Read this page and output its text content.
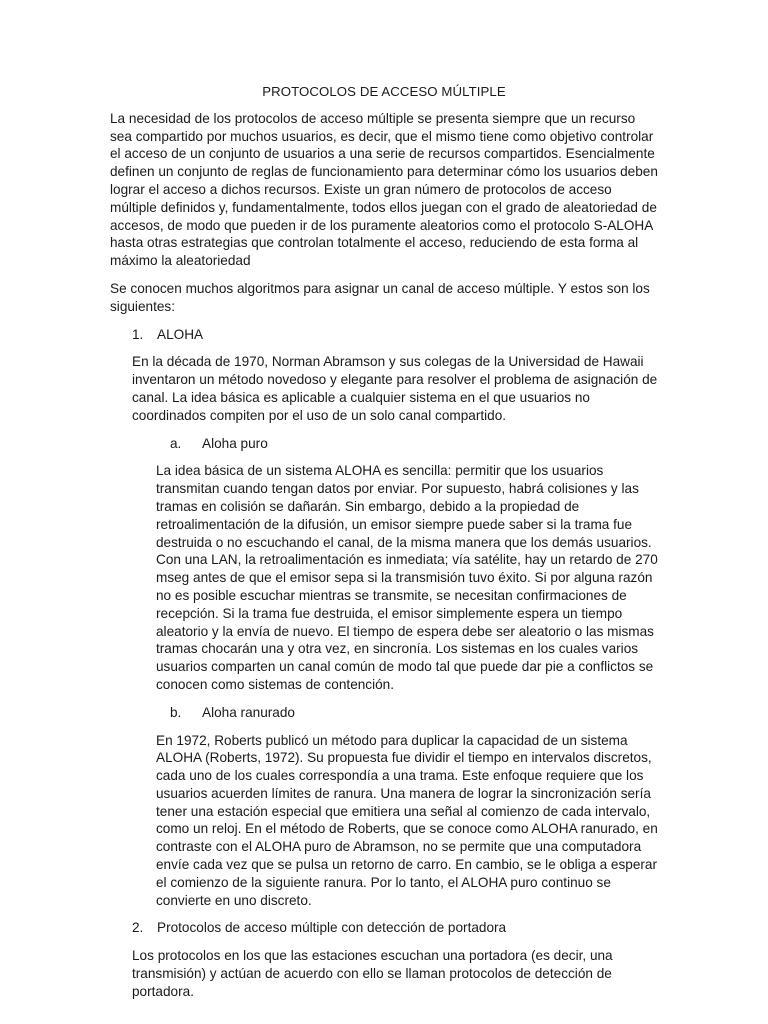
PROTOCOLOS DE ACCESO MÚLTIPLE

La necesidad de los protocolos de acceso múltiple se presenta siempre que un recurso sea compartido por muchos usuarios, es decir, que el mismo tiene como objetivo controlar el acceso de un conjunto de usuarios a una serie de recursos compartidos. Esencialmente definen un conjunto de reglas de funcionamiento para determinar cómo los usuarios deben lograr el acceso a dichos recursos. Existe un gran número de protocolos de acceso múltiple definidos y, fundamentalmente, todos ellos juegan con el grado de aleatoriedad de accesos, de modo que pueden ir de los puramente aleatorios como el protocolo S-ALOHA hasta otras estrategias que controlan totalmente el acceso, reduciendo de esta forma al máximo la aleatoriedad

Se conocen muchos algoritmos para asignar un canal de acceso múltiple. Y estos son los siguientes:

1.	ALOHA

En la década de 1970, Norman Abramson y sus colegas de la Universidad de Hawaii inventaron un método novedoso y elegante para resolver el problema de asignación de canal. La idea básica es aplicable a cualquier sistema en el que usuarios no coordinados compiten por el uso de un solo canal compartido.

a.	Aloha puro

La idea básica de un sistema ALOHA es sencilla: permitir que los usuarios transmitan cuando tengan datos por enviar. Por supuesto, habrá colisiones y las tramas en colisión se dañarán. Sin embargo, debido a la propiedad de retroalimentación de la difusión, un emisor siempre puede saber si la trama fue destruida o no escuchando el canal, de la misma manera que los demás usuarios. Con una LAN, la retroalimentación es inmediata; vía satélite, hay un retardo de 270 mseg antes de que el emisor sepa si la transmisión tuvo éxito. Si por alguna razón no es posible escuchar mientras se transmite, se necesitan confirmaciones de recepción. Si la trama fue destruida, el emisor simplemente espera un tiempo aleatorio y la envía de nuevo. El tiempo de espera debe ser aleatorio o las mismas tramas chocarán una y otra vez, en sincronía. Los sistemas en los cuales varios usuarios comparten un canal común de modo tal que puede dar pie a conflictos se conocen como sistemas de contención.

b.	Aloha ranurado

En 1972, Roberts publicó un método para duplicar la capacidad de un sistema ALOHA (Roberts, 1972). Su propuesta fue dividir el tiempo en intervalos discretos, cada uno de los cuales correspondía a una trama. Este enfoque requiere que los usuarios acuerden límites de ranura. Una manera de lograr la sincronización sería tener una estación especial que emitiera una señal al comienzo de cada intervalo, como un reloj. En el método de Roberts, que se conoce como ALOHA ranurado, en contraste con el ALOHA puro de Abramson, no se permite que una computadora envíe cada vez que se pulsa un retorno de carro. En cambio, se le obliga a esperar el comienzo de la siguiente ranura. Por lo tanto, el ALOHA puro continuo se convierte en uno discreto.

2.	Protocolos de acceso múltiple con detección de portadora

Los protocolos en los que las estaciones escuchan una portadora (es decir, una transmisión) y actúan de acuerdo con ello se llaman protocolos de detección de portadora.
